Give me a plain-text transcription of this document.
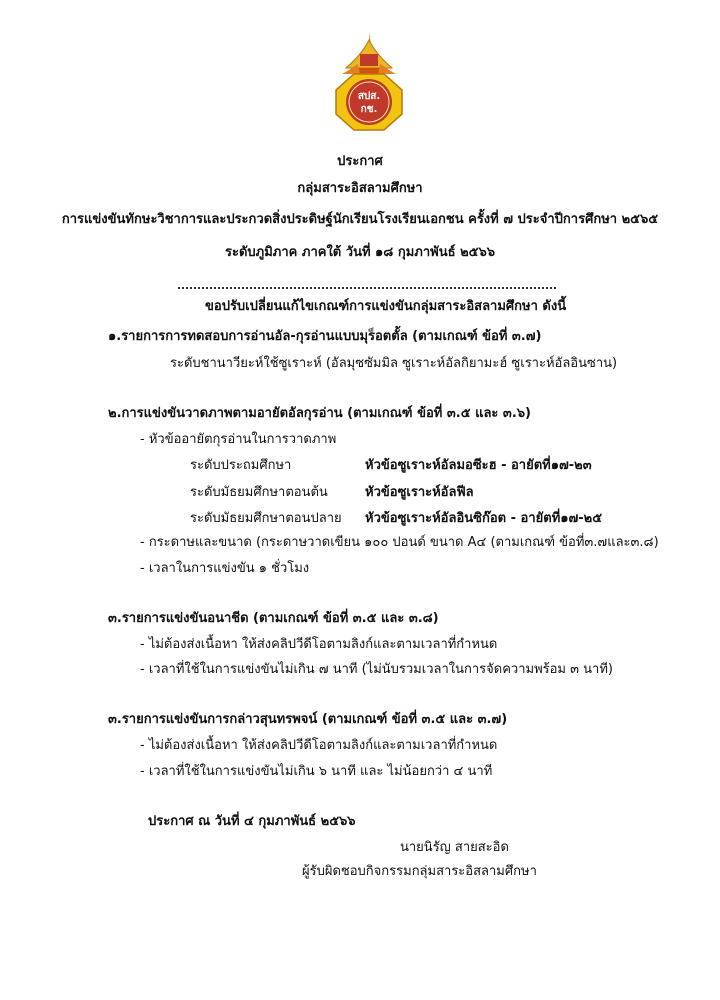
สปส.
กช.
ประกาศ
กลุ่มสาระอิสลามศึกษา
การแข่งขันทักษะวิชาการและประกวดสิ่งประดิษฐ์นักเรียนโรงเรียนเอกชน ครั้งที่ ๗ ประจำปีการศึกษา ๒๕๖๕
ระดับภูมิภาค ภาคใต้ วันที่ ๑๘ กุมภาพันธ์ ๒๕๖๖
ขอปรับเปลี่ยนแก้ไขเกณฑ์การแข่งขันกลุ่มสาระอิสลามศึกษา ดังนี้
๑.รายการการทดสอบการอ่านอัล-กุรอ่านแบบมุร็อตตั้ล (ตามเกณฑ์ ข้อที่ ๓.๗)
ระดับชานาวียะห์ใช้ซูเราะห์ (อัลมุซซัมมิล ซูเราะห์อัลกิยามะฮ์ ซูเราะห์อัลอินซาน)
๒.การแข่งขันวาดภาพตามอายัตอัลกุรอ่าน (ตามเกณฑ์ ข้อที่ ๓.๕ และ ๓.๖)
- หัวข้ออายัตกุรอ่านในการวาดภาพ
ระดับประถมศึกษา	หัวข้อซูเราะห์อัลมอซีะฮ - อายัตที่๑๗-๒๓
ระดับมัธยมศึกษาตอนต้น	หัวข้อซูเราะห์อัลฟีล
ระดับมัธยมศึกษาตอนปลาย หัวข้อซูเราะห์อัลอินซิก๊อต - อายัตที่๑๗-๒๕
- กระดาษและขนาด (กระดาษวาดเขียน ๑๐๐ ปอนด์ ขนาด A๔ (ตามเกณฑ์ ข้อที่๓.๗และ๓.๘)
- เวลาในการแข่งขัน ๑ ชั่วโมง
๓.รายการแข่งขันอนาชีด (ตามเกณฑ์ ข้อที่ ๓.๕ และ ๓.๘)
- ไม่ต้องส่งเนื้อหา ให้ส่งคลิปวีดีโอตามลิงก์และตามเวลาที่กำหนด
- เวลาที่ใช้ในการแข่งขันไม่เกิน ๗ นาที (ไม่นับรวมเวลาในการจัดความพร้อม ๓ นาที)
๓.รายการแข่งขันการกล่าวสุนทรพจน์ (ตามเกณฑ์ ข้อที่ ๓.๕ และ ๓.๗)
- ไม่ต้องส่งเนื้อหา ให้ส่งคลิปวีดีโอตามลิงก์และตามเวลาที่กำหนด
- เวลาที่ใช้ในการแข่งขันไม่เกิน ๖ นาที และ ไม่น้อยกว่า ๔ นาที
ประกาศ ณ วันที่ ๔ กุมภาพันธ์ ๒๕๖๖
นายนิรัญ สายสะอิด
ผู้รับผิดชอบกิจกรรมกลุ่มสาระอิสลามศึกษา
